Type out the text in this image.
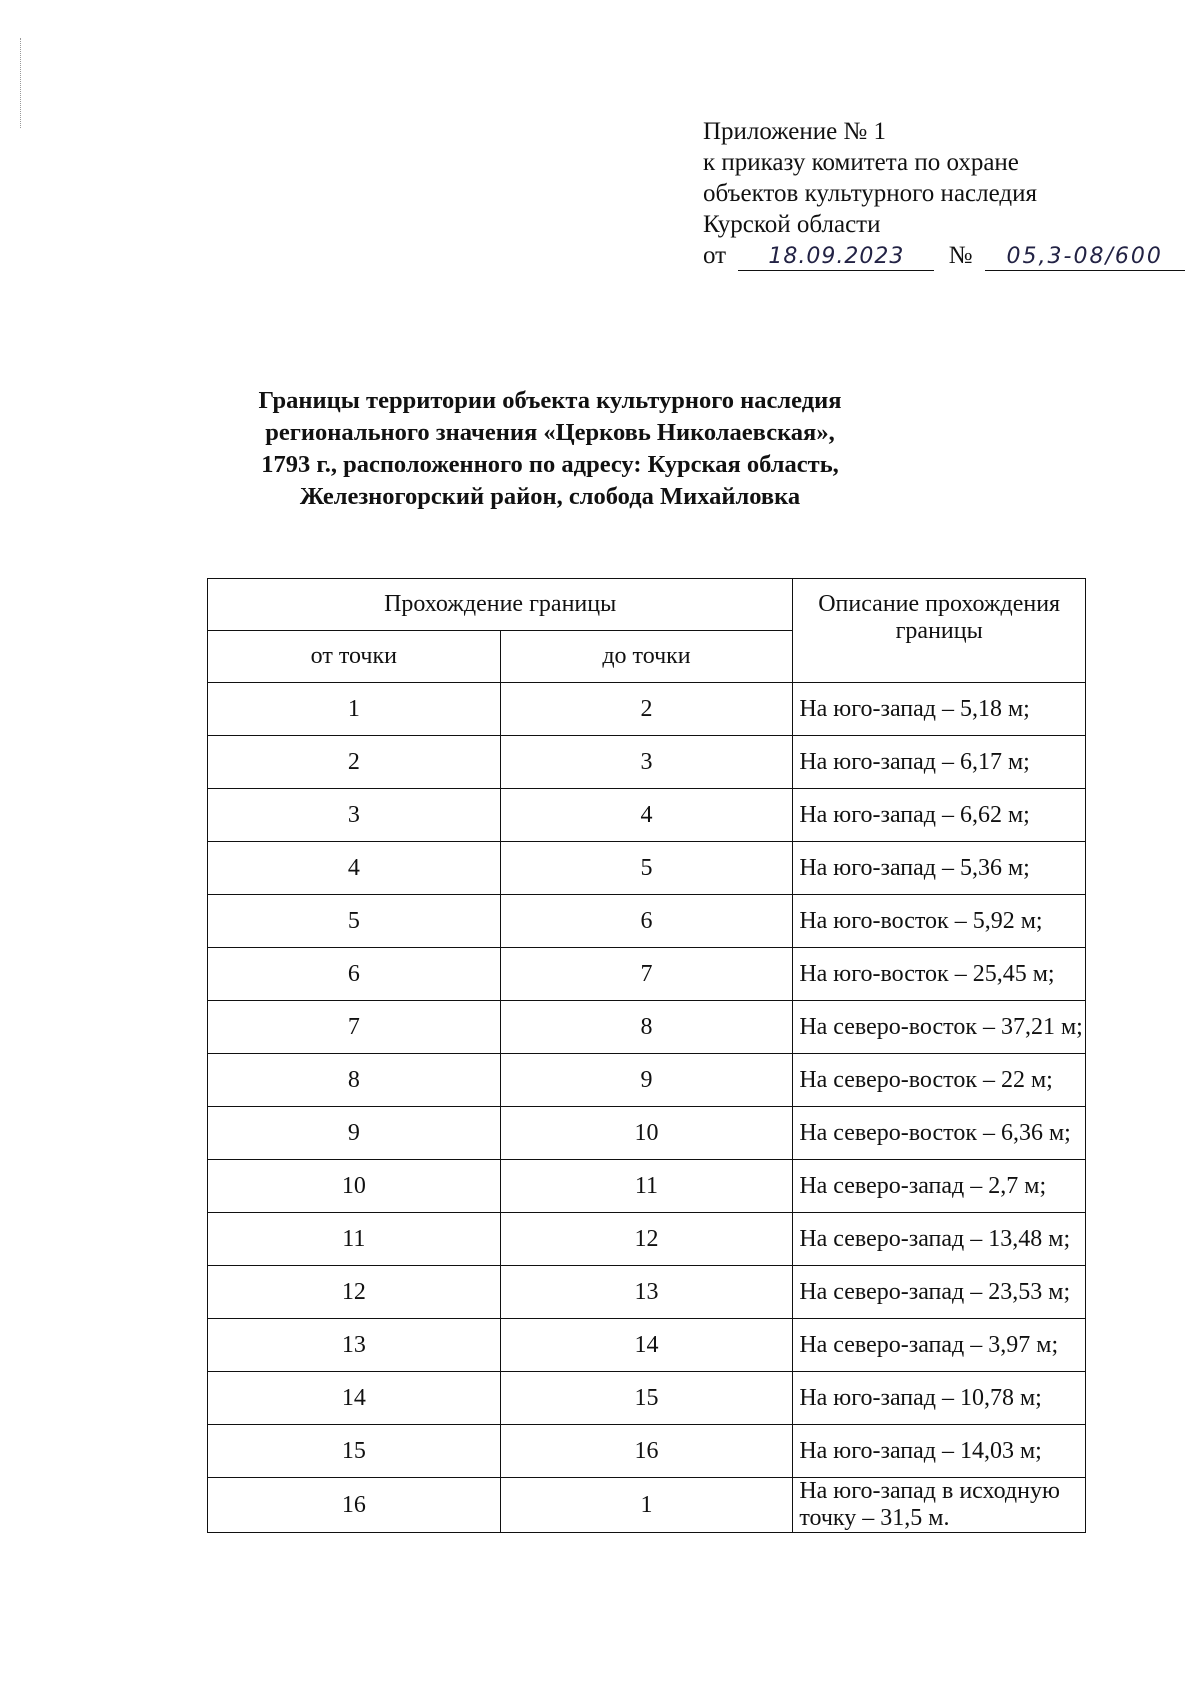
Приложение № 1
к приказу комитета по охране
объектов культурного наследия
Курской области
от 18.09.2023 № 05,3-08/600
Границы территории объекта культурного наследия
регионального значения «Церковь Николаевская»,
1793 г., расположенного по адресу: Курская область,
Железногорский район, слобода Михайловка
Прохождение границы		Описание прохождения границы
от точки	до точки	
1	2	На юго-запад – 5,18 м;
2	3	На юго-запад – 6,17 м;
3	4	На юго-запад – 6,62 м;
4	5	На юго-запад – 5,36 м;
5	6	На юго-восток – 5,92 м;
6	7	На юго-восток – 25,45 м;
7	8	На северо-восток – 37,21 м;
8	9	На северо-восток – 22 м;
9	10	На северо-восток – 6,36 м;
10	11	На северо-запад – 2,7 м;
11	12	На северо-запад – 13,48 м;
12	13	На северо-запад – 23,53 м;
13	14	На северо-запад – 3,97 м;
14	15	На юго-запад – 10,78 м;
15	16	На юго-запад – 14,03 м;
16	1	На юго-запад в исходную точку – 31,5 м.
